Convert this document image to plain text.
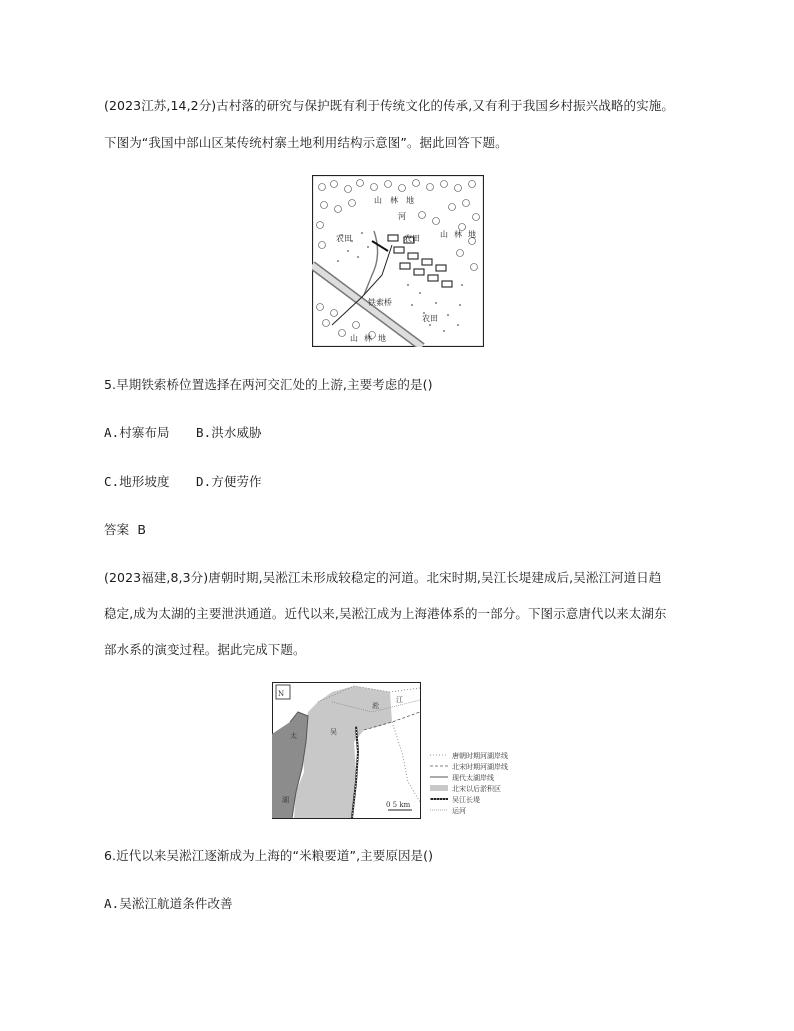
(2023江苏,14,2分)古村落的研究与保护既有利于传统文化的传承,又有利于我国乡村振兴战略的实施。
下图为“我国中部山区某传统村寨土地利用结构示意图”。据此回答下题。
山 林 地
农田
河
山 林 地
农田
铁索桥
农田
山 林 地
5.早期铁索桥位置选择在两河交汇处的上游,主要考虑的是()
A.村寨布局 B.洪水威胁
C.地形坡度 D.方便劳作
答案 B
(2023福建,8,3分)唐朝时期,吴淞江未形成较稳定的河道。北宋时期,吴江长堤建成后,吴淞江河道日趋
稳定,成为太湖的主要泄洪通道。近代以来,吴淞江成为上海港体系的一部分。下图示意唐代以来太湖东
部水系的演变过程。据此完成下题。
N
0 5 km
太
湖
吴
淞
江
唐朝时期河湖岸线
北宋时期河湖岸线
现代太湖岸线
北宋以后淤积区
吴江长堤
运河
6.近代以来吴淞江逐渐成为上海的“米粮要道”,主要原因是()
A.吴淞江航道条件改善
